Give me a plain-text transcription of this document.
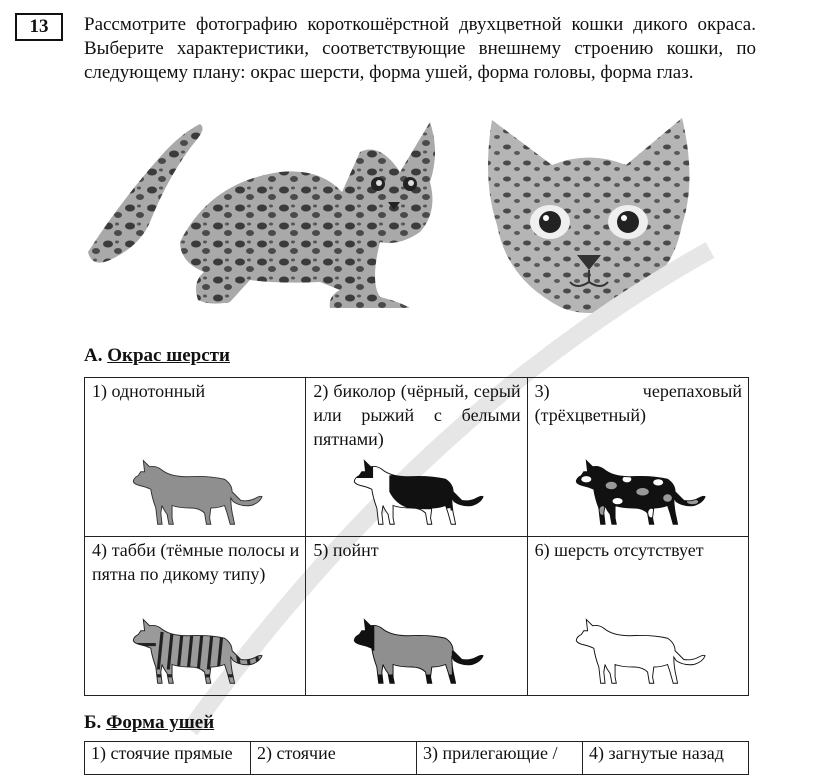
13	Рассмотрите фотографию короткошёрстной двухцветной кошки дикого окраса. Выберите характеристики, соответствующие внешнему строению кошки, по следующему плану: окрас шерсти, форма ушей, форма головы, форма глаз.

А. Окрас шерсти

1) однотонный	2) биколор (чёрный, серый или рыжий с белыми пятнами)	3) черепаховый (трёхцветный)

4) табби (тёмные полосы и пятна по дикому типу)	5) пойнт	6) шерсть отсутствует

Б. Форма ушей
1) стоячие прямые	2) стоячие	3) прилегающие /	4) загнутые назад
